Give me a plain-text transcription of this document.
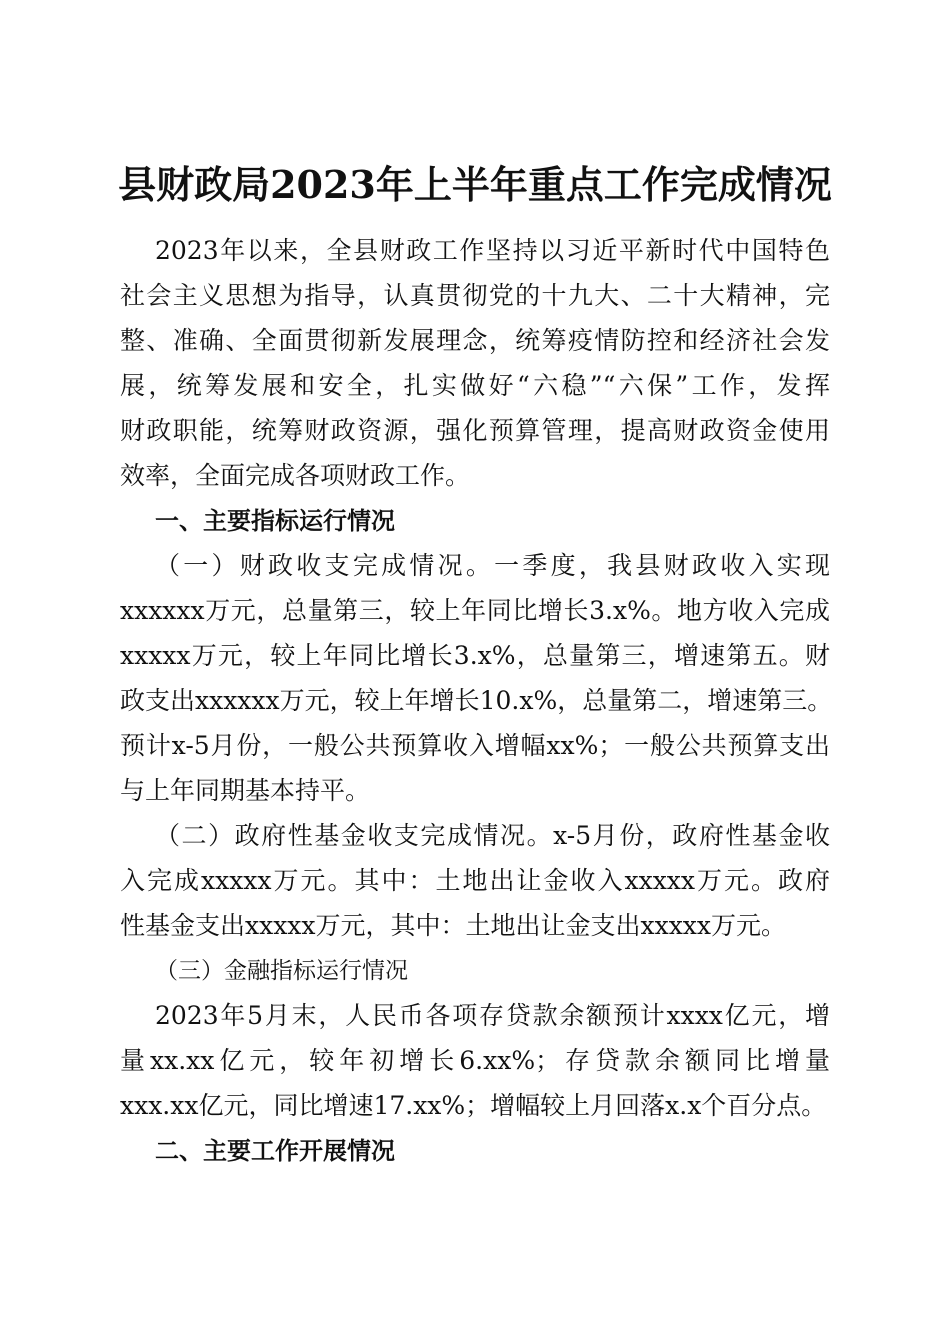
县财政局2023年上半年重点工作完成情况
2023年以来，全县财政工作坚持以习近平新时代中国特色
社会主义思想为指导，认真贯彻党的十九大、二十大精神，完
整、准确、全面贯彻新发展理念，统筹疫情防控和经济社会发
展，统筹发展和安全，扎实做好“六稳”“六保”工作，发挥
财政职能，统筹财政资源，强化预算管理，提高财政资金使用
效率，全面完成各项财政工作。
一、主要指标运行情况
（一）财政收支完成情况。一季度，我县财政收入实现
xxxxxx万元，总量第三，较上年同比增长3.x%。地方收入完成
xxxxx万元，较上年同比增长3.x%，总量第三，增速第五。财
政支出xxxxxx万元，较上年增长10.x%，总量第二，增速第三。
预计x-5月份，一般公共预算收入增幅xx%；一般公共预算支出
与上年同期基本持平。
（二）政府性基金收支完成情况。x-5月份，政府性基金收
入完成xxxxx万元。其中：土地出让金收入xxxxx万元。政府
性基金支出xxxxx万元，其中：土地出让金支出xxxxx万元。
（三）金融指标运行情况
2023年5月末，人民币各项存贷款余额预计xxxx亿元，增
量xx.xx亿元，较年初增长6.xx%；存贷款余额同比增量
xxx.xx亿元，同比增速17.xx%；增幅较上月回落x.x个百分点。
二、主要工作开展情况
